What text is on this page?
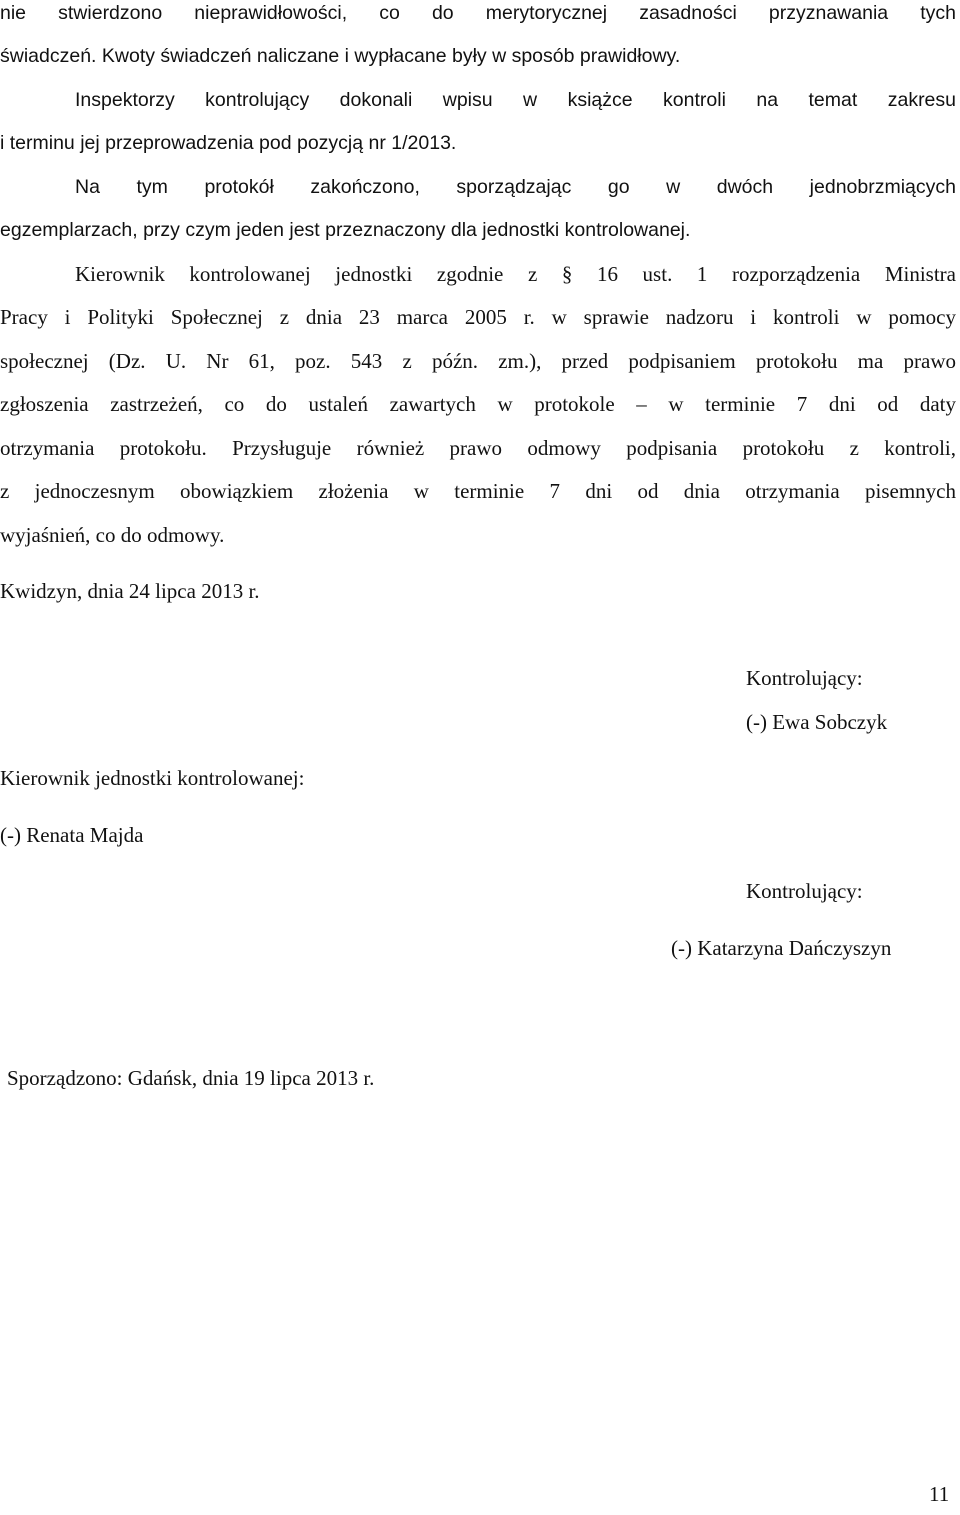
nie stwierdzono nieprawidłowości, co do merytorycznej zasadności przyznawania tych
świadczeń. Kwoty świadczeń naliczane i wypłacane były w sposób prawidłowy.
Inspektorzy kontrolujący dokonali wpisu w książce kontroli na temat zakresu
i terminu jej przeprowadzenia pod pozycją nr 1/2013.
Na tym protokół zakończono, sporządzając go w dwóch jednobrzmiących
egzemplarzach, przy czym jeden jest przeznaczony dla jednostki kontrolowanej.
Kierownik kontrolowanej jednostki zgodnie z § 16 ust. 1 rozporządzenia Ministra
Pracy i Polityki Społecznej z dnia 23 marca 2005 r. w sprawie nadzoru i kontroli w pomocy
społecznej (Dz. U. Nr 61, poz. 543 z późn. zm.), przed podpisaniem protokołu ma prawo
zgłoszenia zastrzeżeń, co do ustaleń zawartych w protokole – w terminie 7 dni od daty
otrzymania protokołu. Przysługuje również prawo odmowy podpisania protokołu z kontroli,
z jednoczesnym obowiązkiem złożenia w terminie 7 dni od dnia otrzymania pisemnych
wyjaśnień, co do odmowy.
Kwidzyn, dnia 24 lipca 2013 r.
Kontrolujący:
(-) Ewa Sobczyk
Kierownik jednostki kontrolowanej:
(-) Renata Majda
Kontrolujący:
(-) Katarzyna Dańczyszyn
Sporządzono: Gdańsk, dnia 19 lipca 2013 r.
11
